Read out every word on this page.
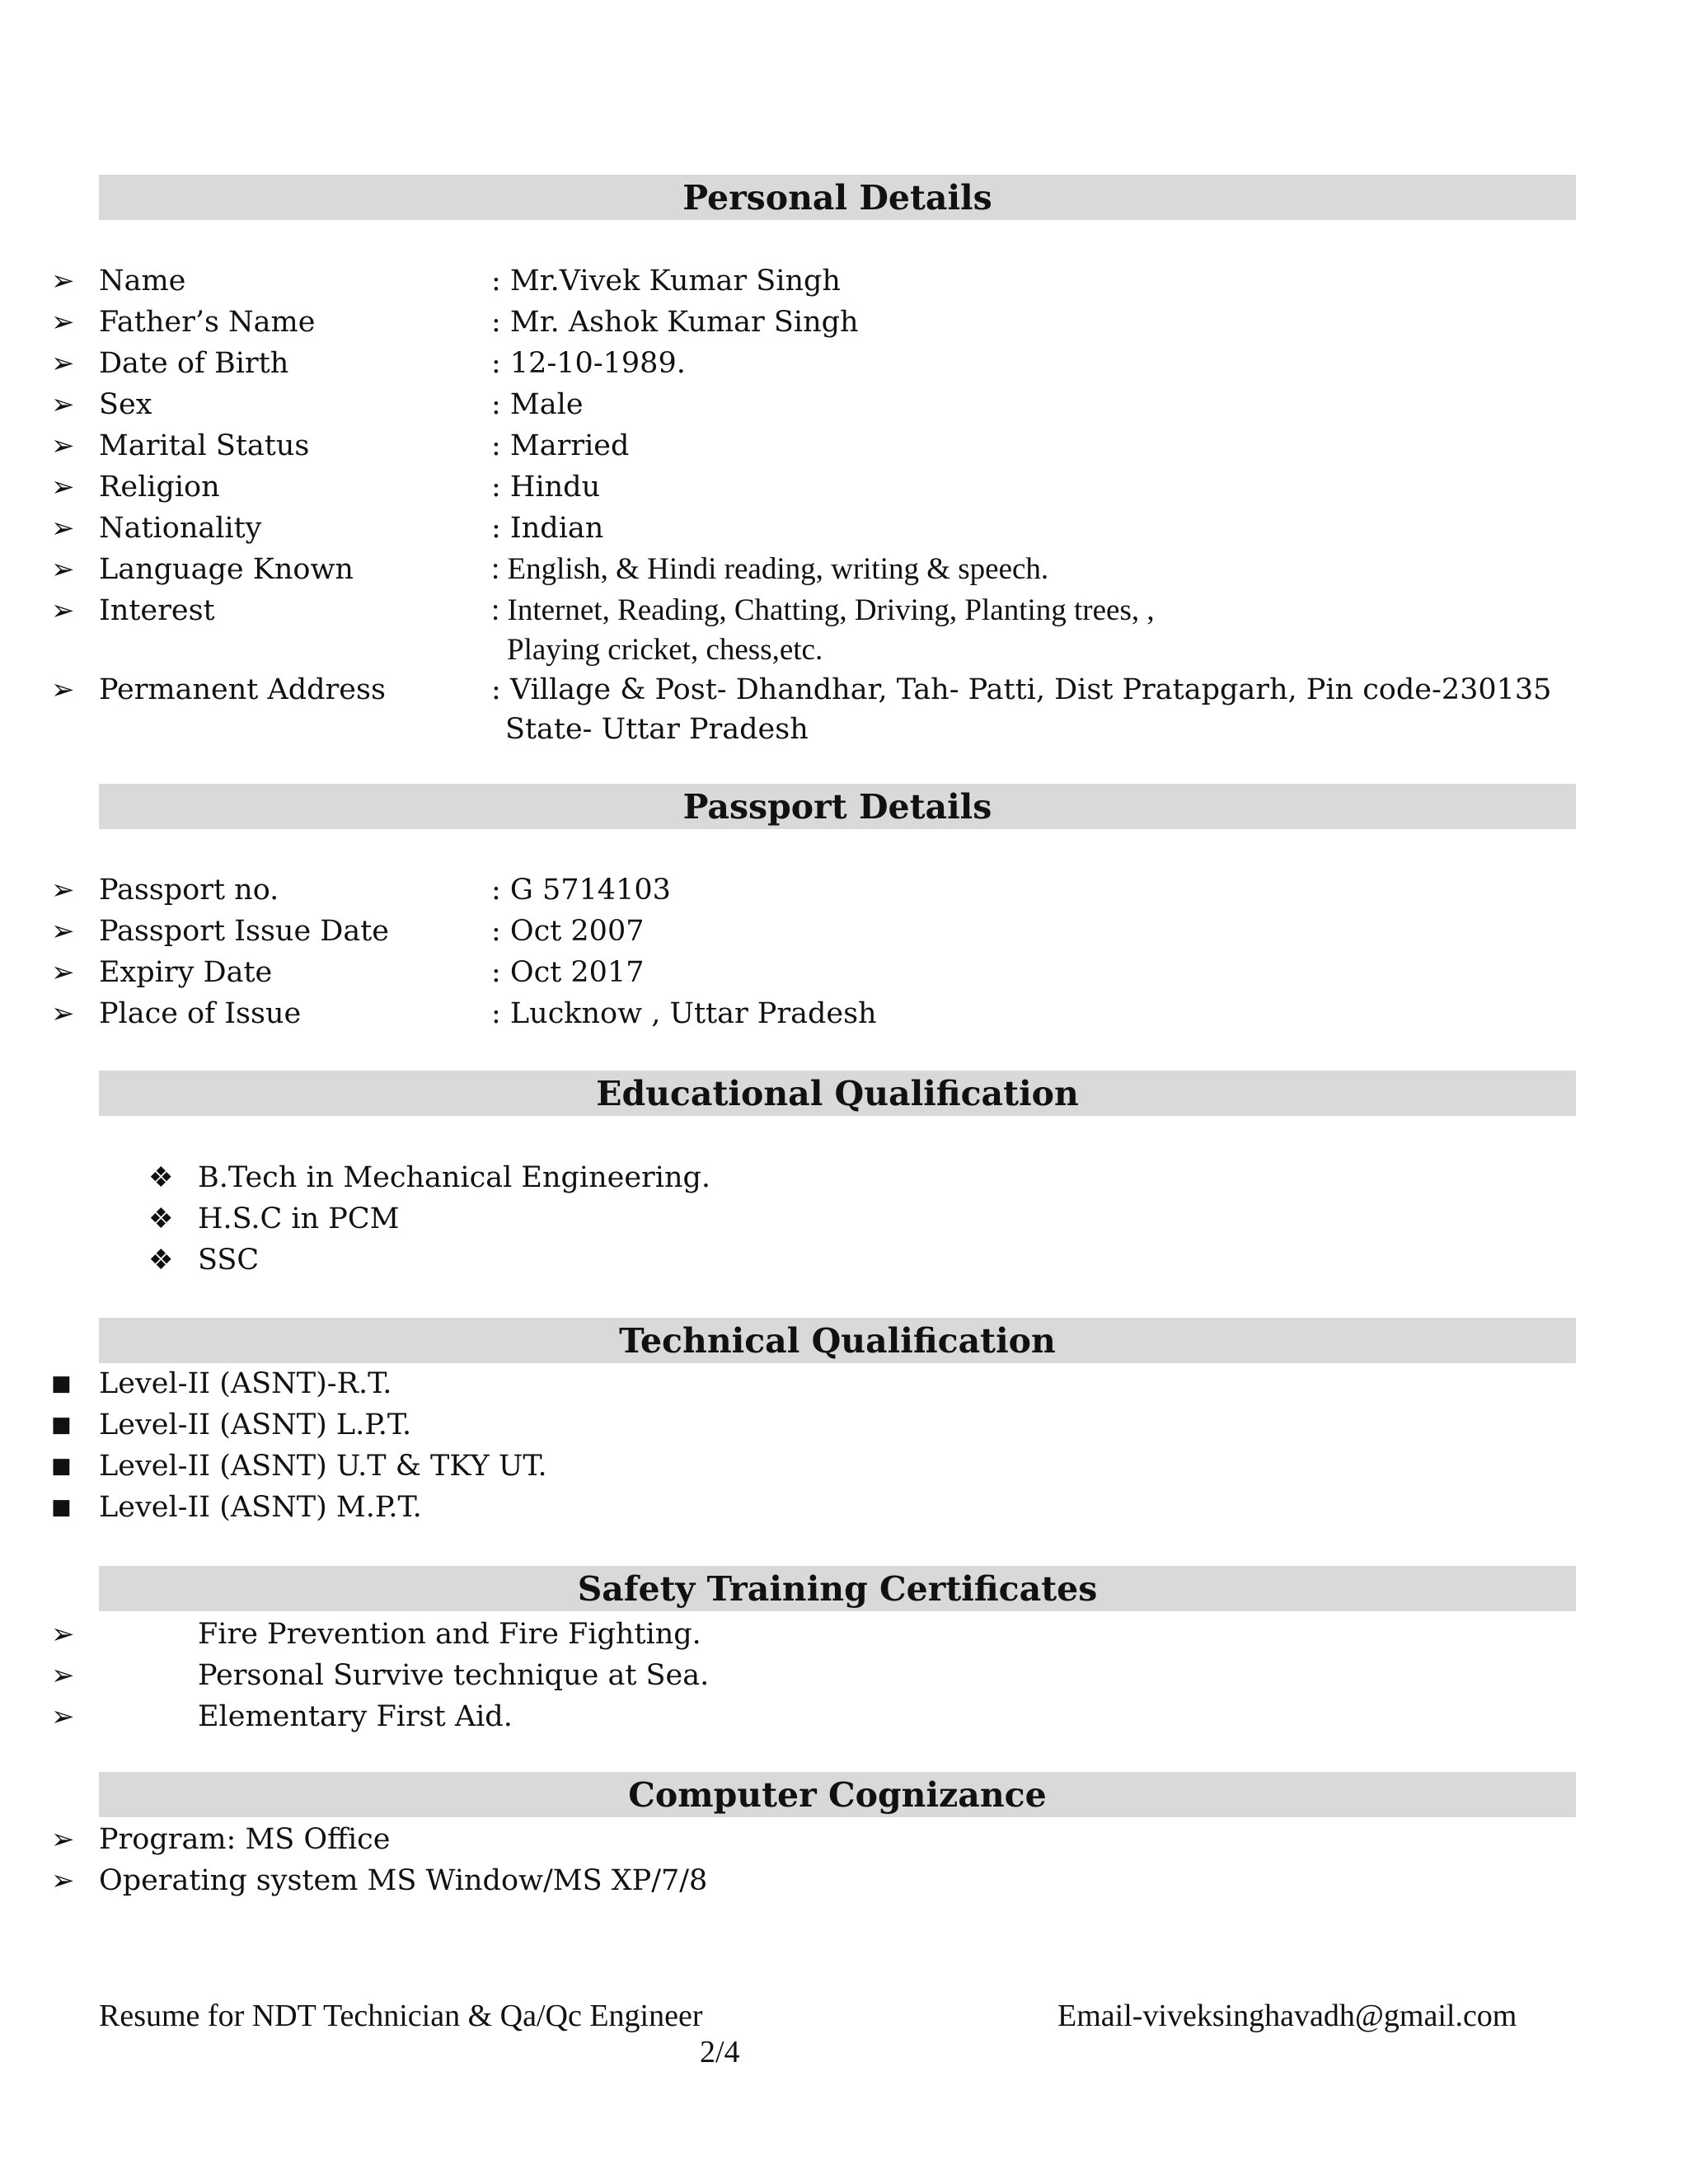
Personal Details
➢ Name	: Mr.Vivek Kumar Singh
➢ Father’s Name	: Mr. Ashok Kumar Singh
➢ Date of Birth	: 12-10-1989.
➢ Sex	: Male
➢ Marital Status	: Married
➢ Religion	: Hindu
➢ Nationality	: Indian
➢ Language Known	: English, & Hindi reading, writing & speech.
➢ Interest	: Internet, Reading, Chatting, Driving, Planting trees, ,
Playing cricket, chess,etc.
➢ Permanent Address	: Village & Post- Dhandhar, Tah- Patti, Dist Pratapgarh, Pin code-230135
State- Uttar Pradesh
Passport Details
➢ Passport no.	: G 5714103
➢ Passport Issue Date	: Oct 2007
➢ Expiry Date	: Oct 2017
➢ Place of Issue	: Lucknow , Uttar Pradesh
Educational Qualification
❖ B.Tech in Mechanical Engineering.
❖ H.S.C in PCM
❖ SSC
Technical Qualification
■ Level-II (ASNT)-R.T.
■ Level-II (ASNT) L.P.T.
■ Level-II (ASNT) U.T & TKY UT.
■ Level-II (ASNT) M.P.T.
Safety Training Certificates
➢	Fire Prevention and Fire Fighting.
➢	Personal Survive technique at Sea.
➢	Elementary First Aid.
Computer Cognizance
➢ Program: MS Office
➢ Operating system MS Window/MS XP/7/8
Resume for NDT Technician & Qa/Qc Engineer	Email-viveksinghavadh@gmail.com
2/4
